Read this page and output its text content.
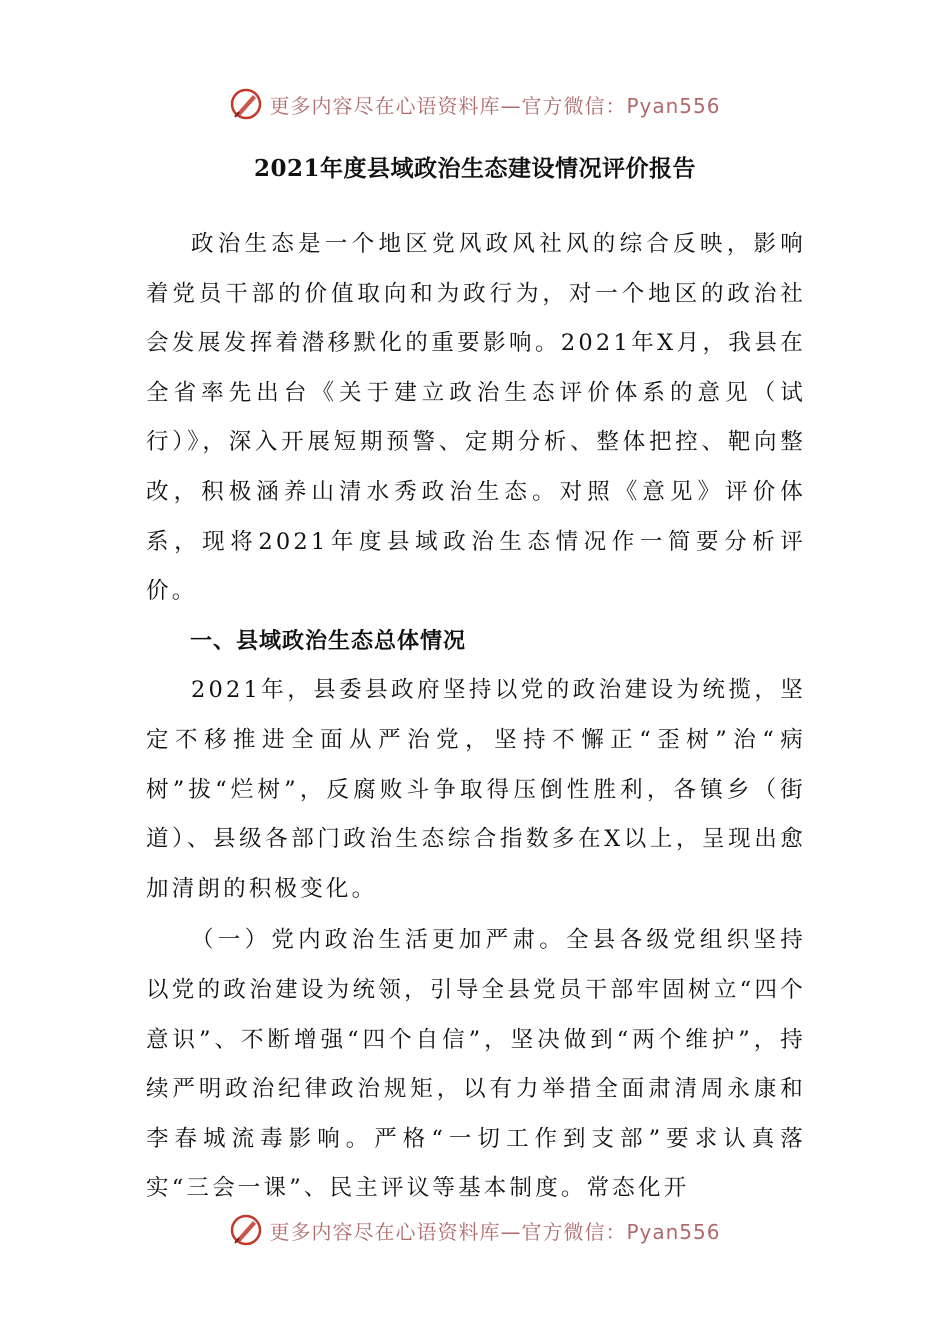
更多内容尽在心语资料库—官方微信：Pyan556
2021年度县域政治生态建设情况评价报告

政治生态是一个地区党风政风社风的综合反映，影响着党员干部的价值取向和为政行为，对一个地区的政治社会发展发挥着潜移默化的重要影响。2021年X月，我县在全省率先出台《关于建立政治生态评价体系的意见（试行）》，深入开展短期预警、定期分析、整体把控、靶向整改，积极涵养山清水秀政治生态。对照《意见》评价体系，现将2021年度县域政治生态情况作一简要分析评价。

一、县域政治生态总体情况

2021年，县委县政府坚持以党的政治建设为统揽，坚定不移推进全面从严治党，坚持不懈正“歪树”治“病树”拔“烂树”，反腐败斗争取得压倒性胜利，各镇乡（街道）、县级各部门政治生态综合指数多在X以上，呈现出愈加清朗的积极变化。

（一）党内政治生活更加严肃。全县各级党组织坚持以党的政治建设为统领，引导全县党员干部牢固树立“四个意识”、不断增强“四个自信”，坚决做到“两个维护”，持续严明政治纪律政治规矩，以有力举措全面肃清周永康和李春城流毒影响。严格“一切工作到支部”要求认真落实“三会一课”、民主评议等基本制度。常态化开

更多内容尽在心语资料库—官方微信：Pyan556
